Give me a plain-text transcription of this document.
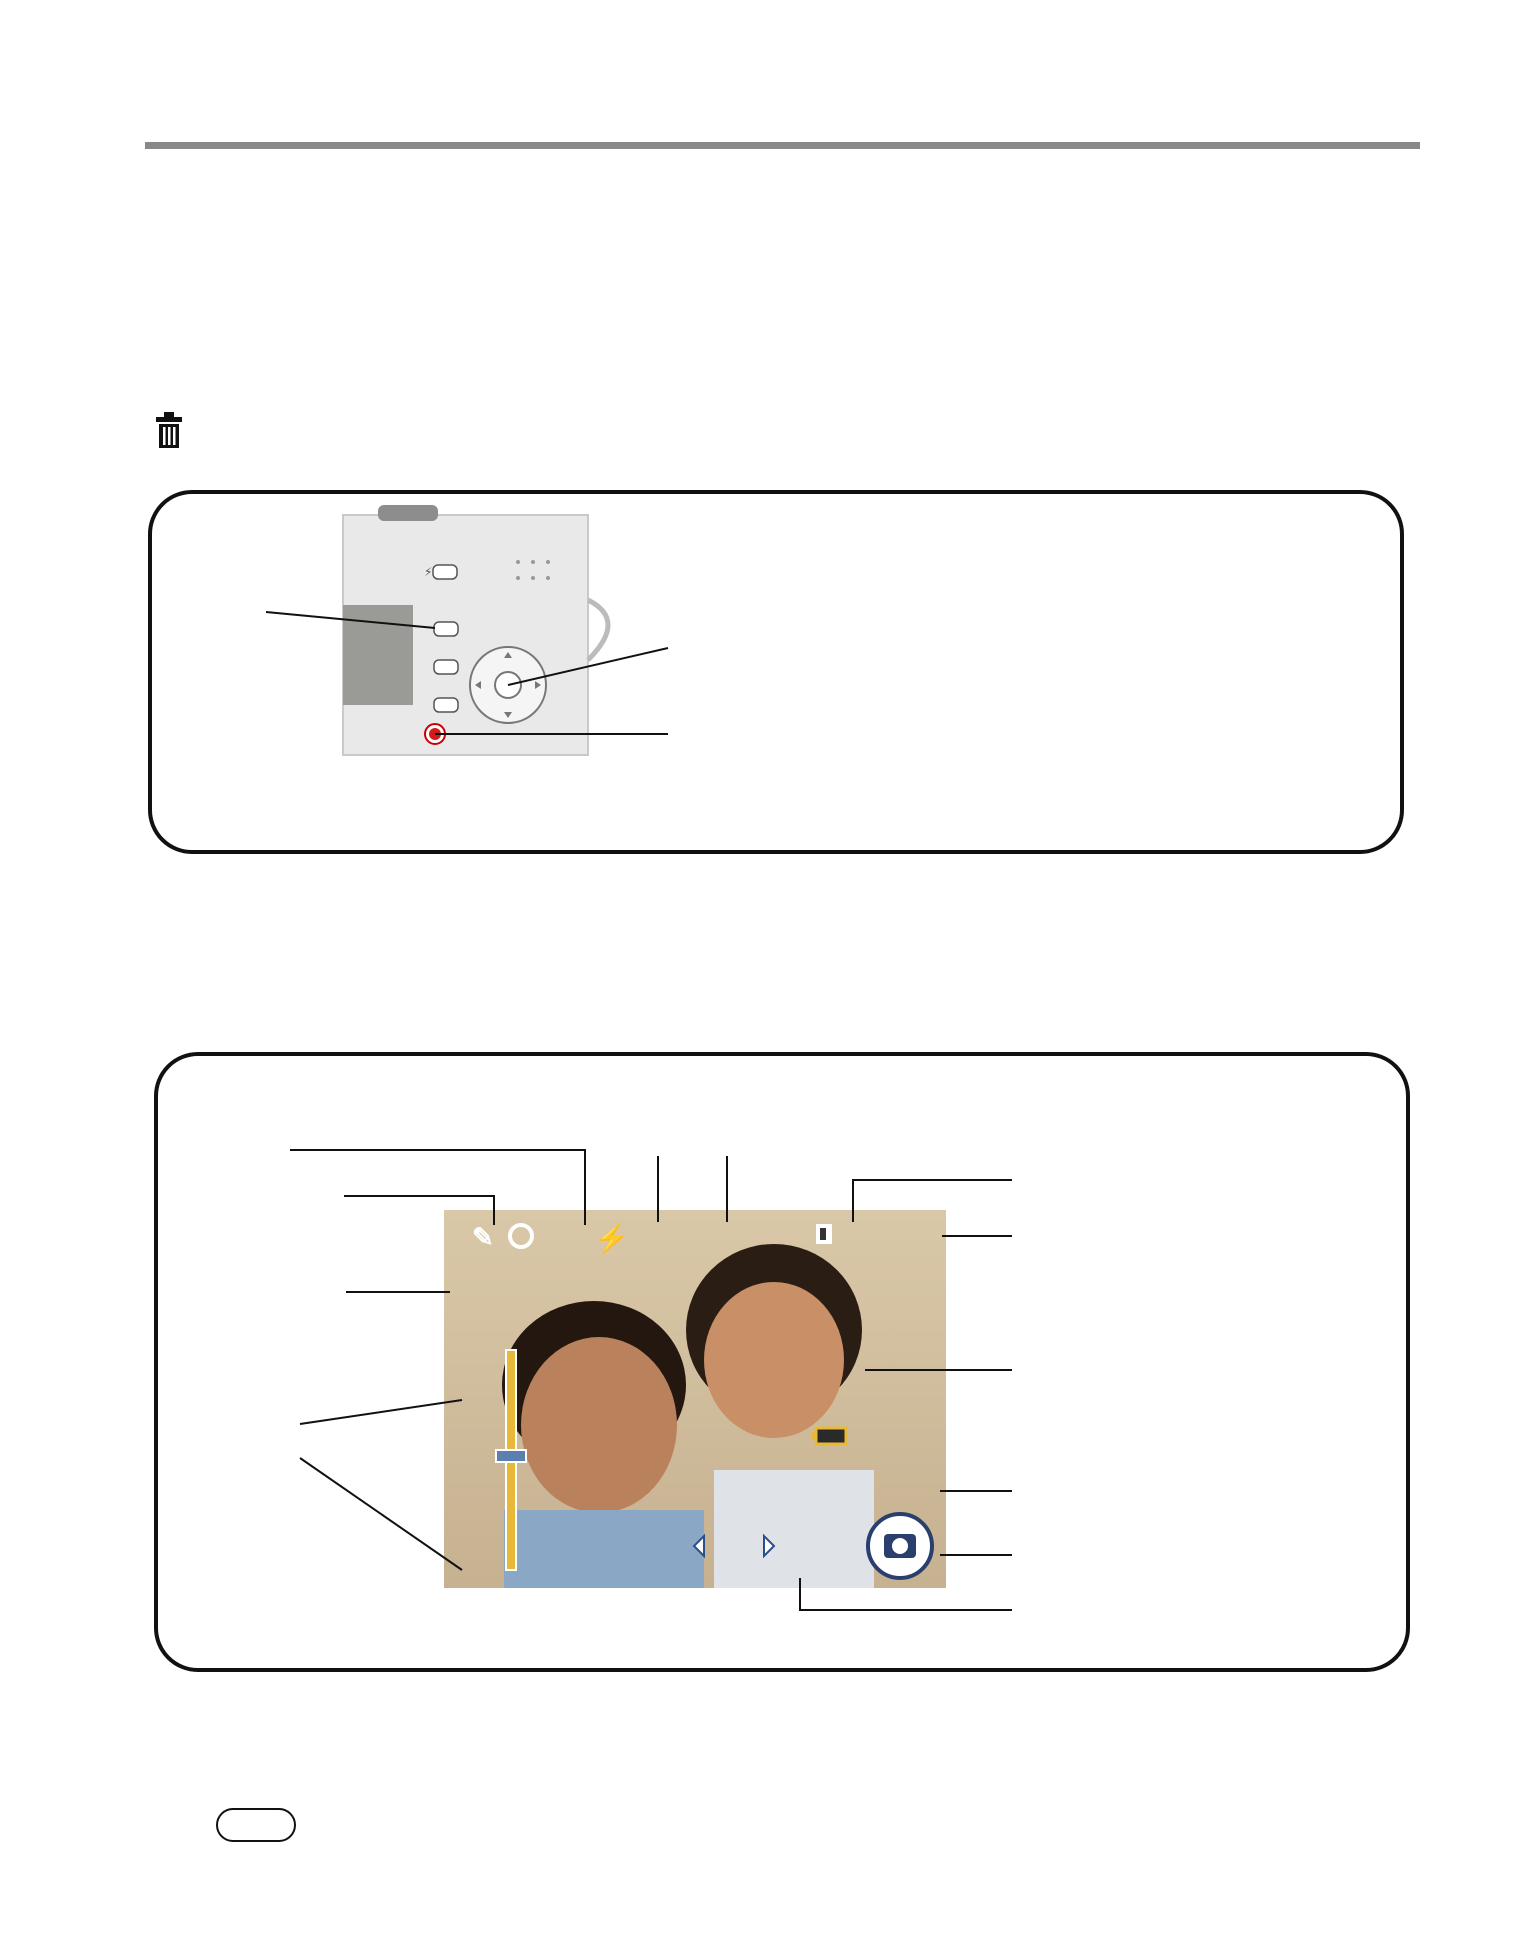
⚡
✎	⚡
